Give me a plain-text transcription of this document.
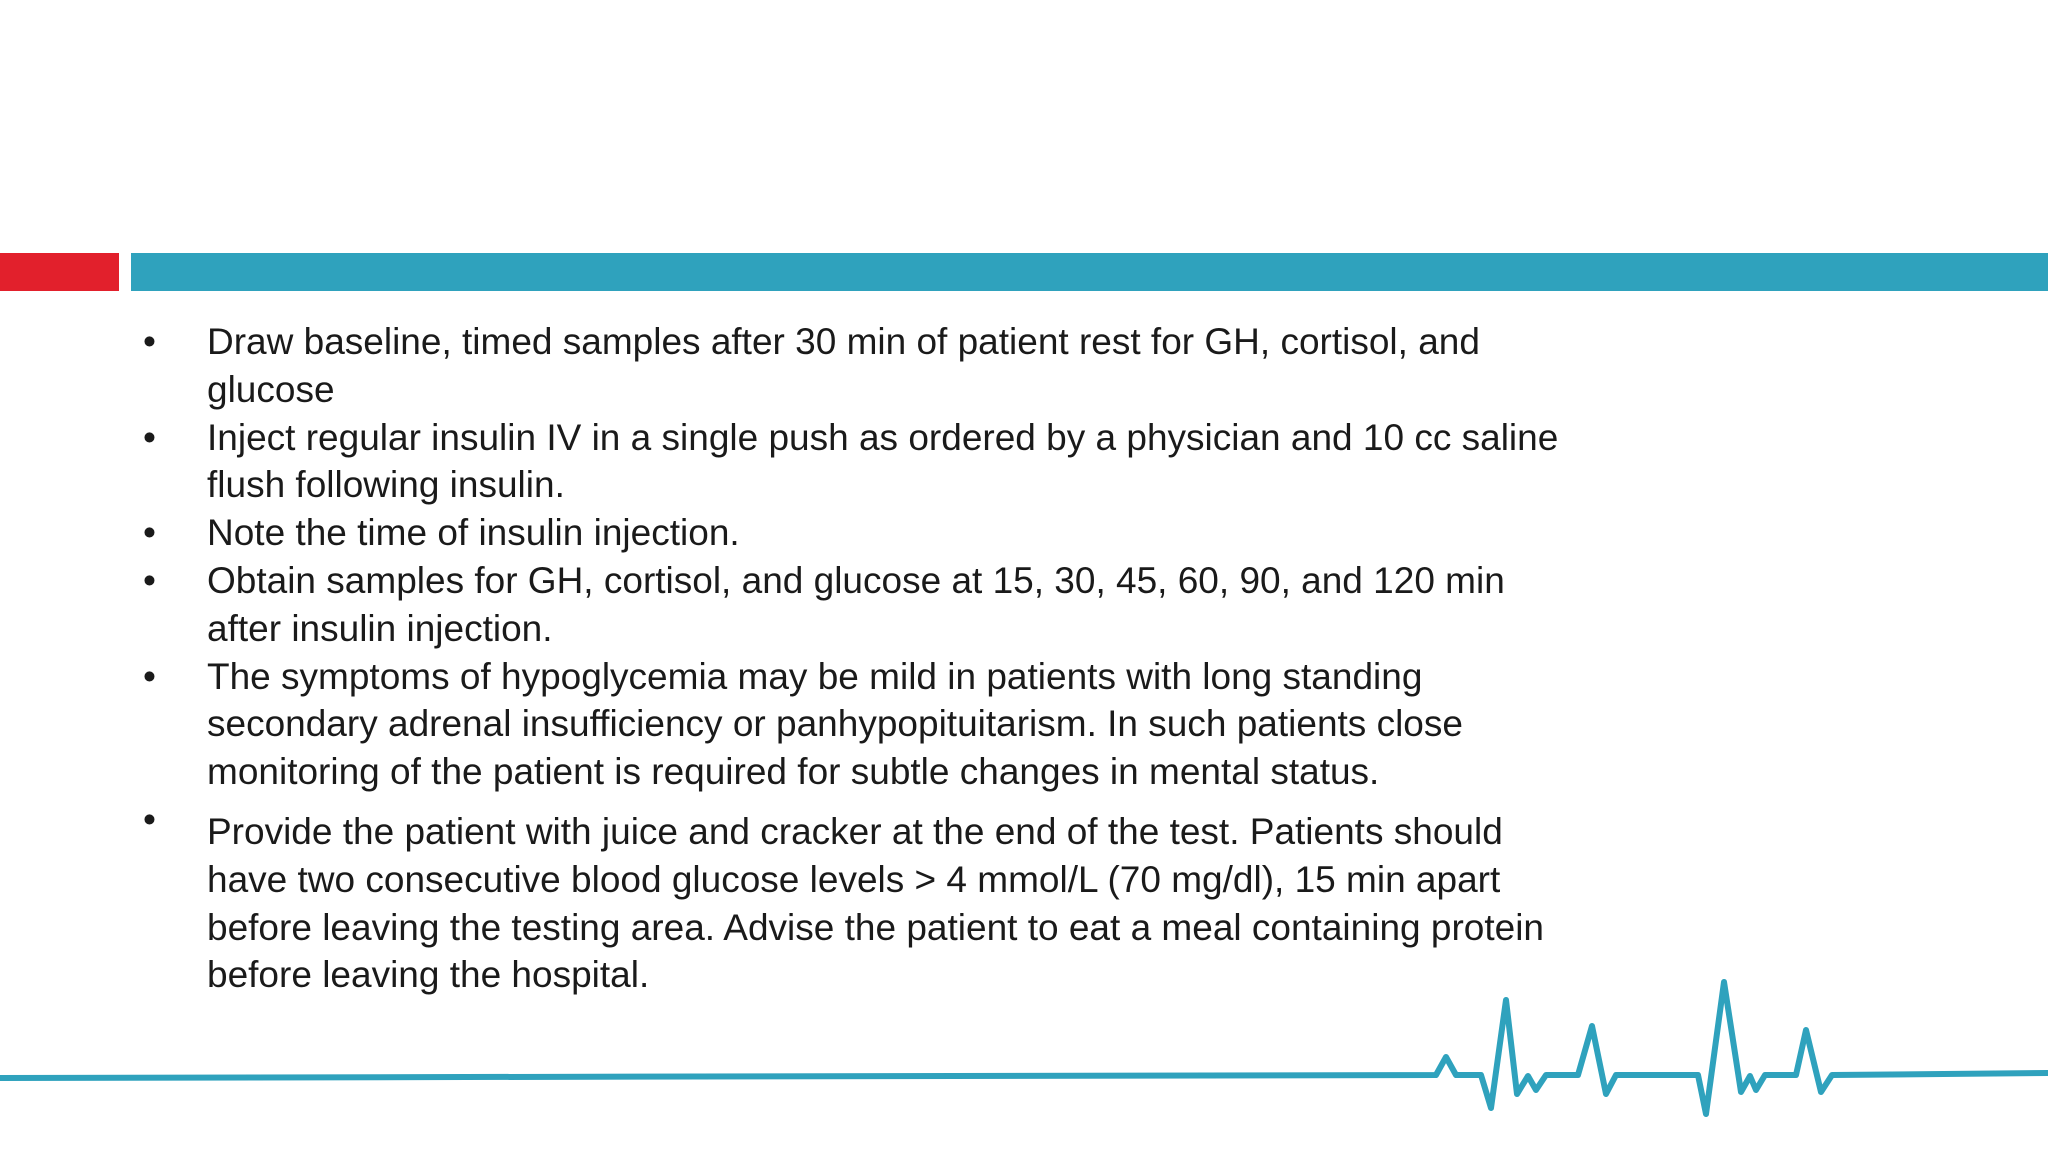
• Draw baseline, timed samples after 30 min of patient rest for GH, cortisol, and glucose
• Inject regular insulin IV in a single push as ordered by a physician and 10 cc saline flush following insulin.
• Note the time of insulin injection.
• Obtain samples for GH, cortisol, and glucose at 15, 30, 45, 60, 90, and 120 min after insulin injection.
• The symptoms of hypoglycemia may be mild in patients with long standing secondary adrenal insufficiency or panhypopituitarism. In such patients close monitoring of the patient is required for subtle changes in mental status.
• Provide the patient with juice and cracker at the end of the test. Patients should have two consecutive blood glucose levels > 4 mmol/L (70 mg/dl), 15 min apart before leaving the testing area. Advise the patient to eat a meal containing protein before leaving the hospital.
